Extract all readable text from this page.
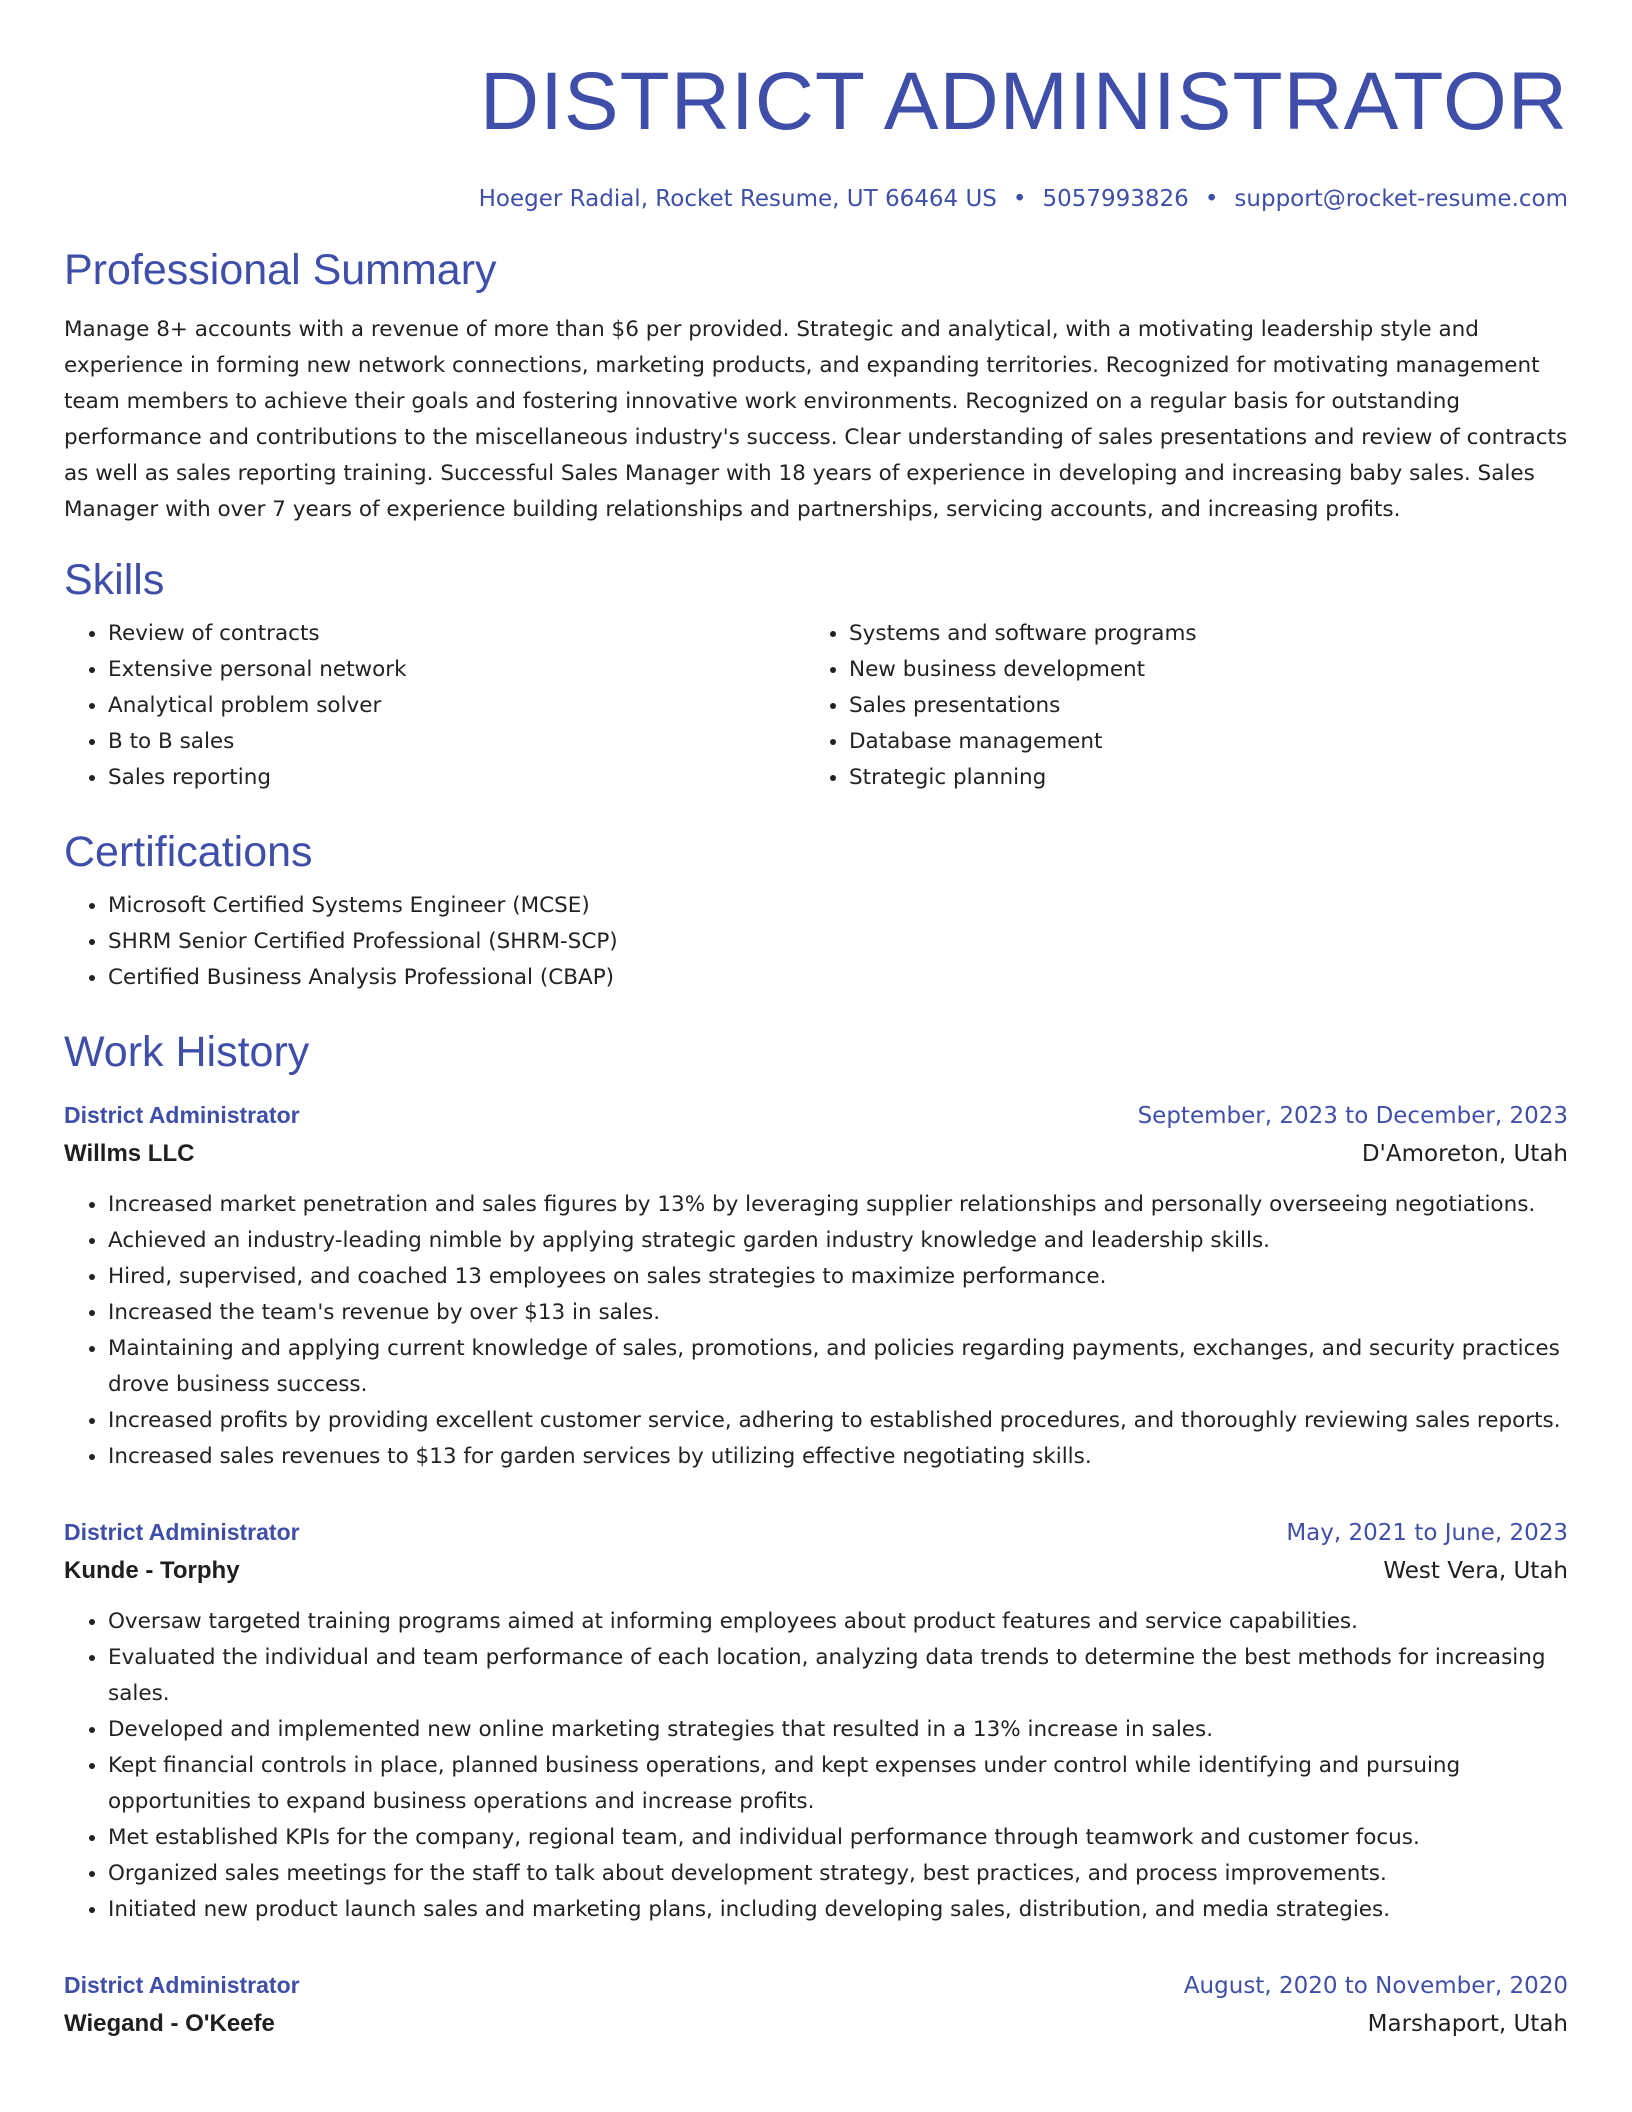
DISTRICT ADMINISTRATOR
Hoeger Radial, Rocket Resume, UT 66464 US • 5057993826 • support@rocket-resume.com
Professional Summary
Manage 8+ accounts with a revenue of more than $6 per provided. Strategic and analytical, with a motivating leadership style and experience in forming new network connections, marketing products, and expanding territories. Recognized for motivating management team members to achieve their goals and fostering innovative work environments. Recognized on a regular basis for outstanding performance and contributions to the miscellaneous industry's success. Clear understanding of sales presentations and review of contracts as well as sales reporting training. Successful Sales Manager with 18 years of experience in developing and increasing baby sales. Sales Manager with over 7 years of experience building relationships and partnerships, servicing accounts, and increasing profits.
Skills
• Review of contracts
• Extensive personal network
• Analytical problem solver
• B to B sales
• Sales reporting
• Systems and software programs
• New business development
• Sales presentations
• Database management
• Strategic planning
Certifications
• Microsoft Certified Systems Engineer (MCSE)
• SHRM Senior Certified Professional (SHRM-SCP)
• Certified Business Analysis Professional (CBAP)
Work History
District Administrator	September, 2023 to December, 2023
Willms LLC	D'Amoreton, Utah
• Increased market penetration and sales figures by 13% by leveraging supplier relationships and personally overseeing negotiations.
• Achieved an industry-leading nimble by applying strategic garden industry knowledge and leadership skills.
• Hired, supervised, and coached 13 employees on sales strategies to maximize performance.
• Increased the team's revenue by over $13 in sales.
• Maintaining and applying current knowledge of sales, promotions, and policies regarding payments, exchanges, and security practices drove business success.
• Increased profits by providing excellent customer service, adhering to established procedures, and thoroughly reviewing sales reports.
• Increased sales revenues to $13 for garden services by utilizing effective negotiating skills.
District Administrator	May, 2021 to June, 2023
Kunde - Torphy	West Vera, Utah
• Oversaw targeted training programs aimed at informing employees about product features and service capabilities.
• Evaluated the individual and team performance of each location, analyzing data trends to determine the best methods for increasing sales.
• Developed and implemented new online marketing strategies that resulted in a 13% increase in sales.
• Kept financial controls in place, planned business operations, and kept expenses under control while identifying and pursuing opportunities to expand business operations and increase profits.
• Met established KPIs for the company, regional team, and individual performance through teamwork and customer focus.
• Organized sales meetings for the staff to talk about development strategy, best practices, and process improvements.
• Initiated new product launch sales and marketing plans, including developing sales, distribution, and media strategies.
District Administrator	August, 2020 to November, 2020
Wiegand - O'Keefe	Marshaport, Utah
